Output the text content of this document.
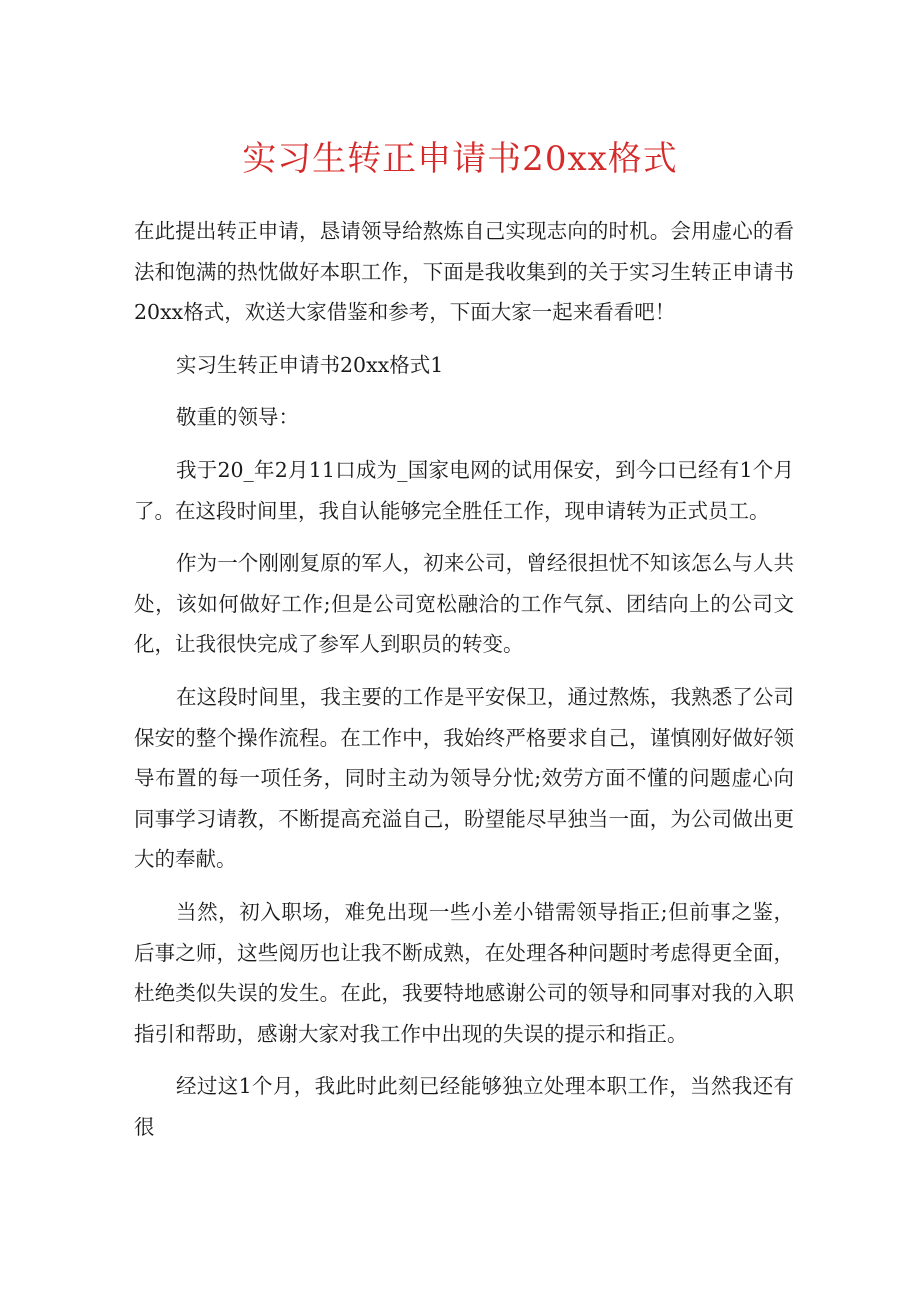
实习生转正申请书20xx格式

在此提出转正申请，恳请领导给熬炼自己实现志向的时机。会用虚心的看法和饱满的热忱做好本职工作，下面是我收集到的关于实习生转正申请书20xx格式，欢送大家借鉴和参考，下面大家一起来看看吧！

实习生转正申请书20xx格式1

敬重的领导：

我于20_年2月11口成为_国家电网的试用保安，到今口已经有1个月了。在这段时间里，我自认能够完全胜任工作，现申请转为正式员工。

作为一个刚刚复原的军人，初来公司，曾经很担忧不知该怎么与人共处，该如何做好工作;但是公司宽松融洽的工作气氛、团结向上的公司文化，让我很快完成了参军人到职员的转变。

在这段时间里，我主要的工作是平安保卫，通过熬炼，我熟悉了公司保安的整个操作流程。在工作中，我始终严格要求自己，谨慎刚好做好领导布置的每一项任务，同时主动为领导分忧;效劳方面不懂的问题虚心向同事学习请教，不断提高充溢自己，盼望能尽早独当一面，为公司做出更大的奉献。

当然，初入职场，难免出现一些小差小错需领导指正;但前事之鉴，后事之师，这些阅历也让我不断成熟，在处理各种问题时考虑得更全面，杜绝类似失误的发生。在此，我要特地感谢公司的领导和同事对我的入职指引和帮助，感谢大家对我工作中出现的失误的提示和指正。

经过这1个月，我此时此刻已经能够独立处理本职工作，当然我还有很
